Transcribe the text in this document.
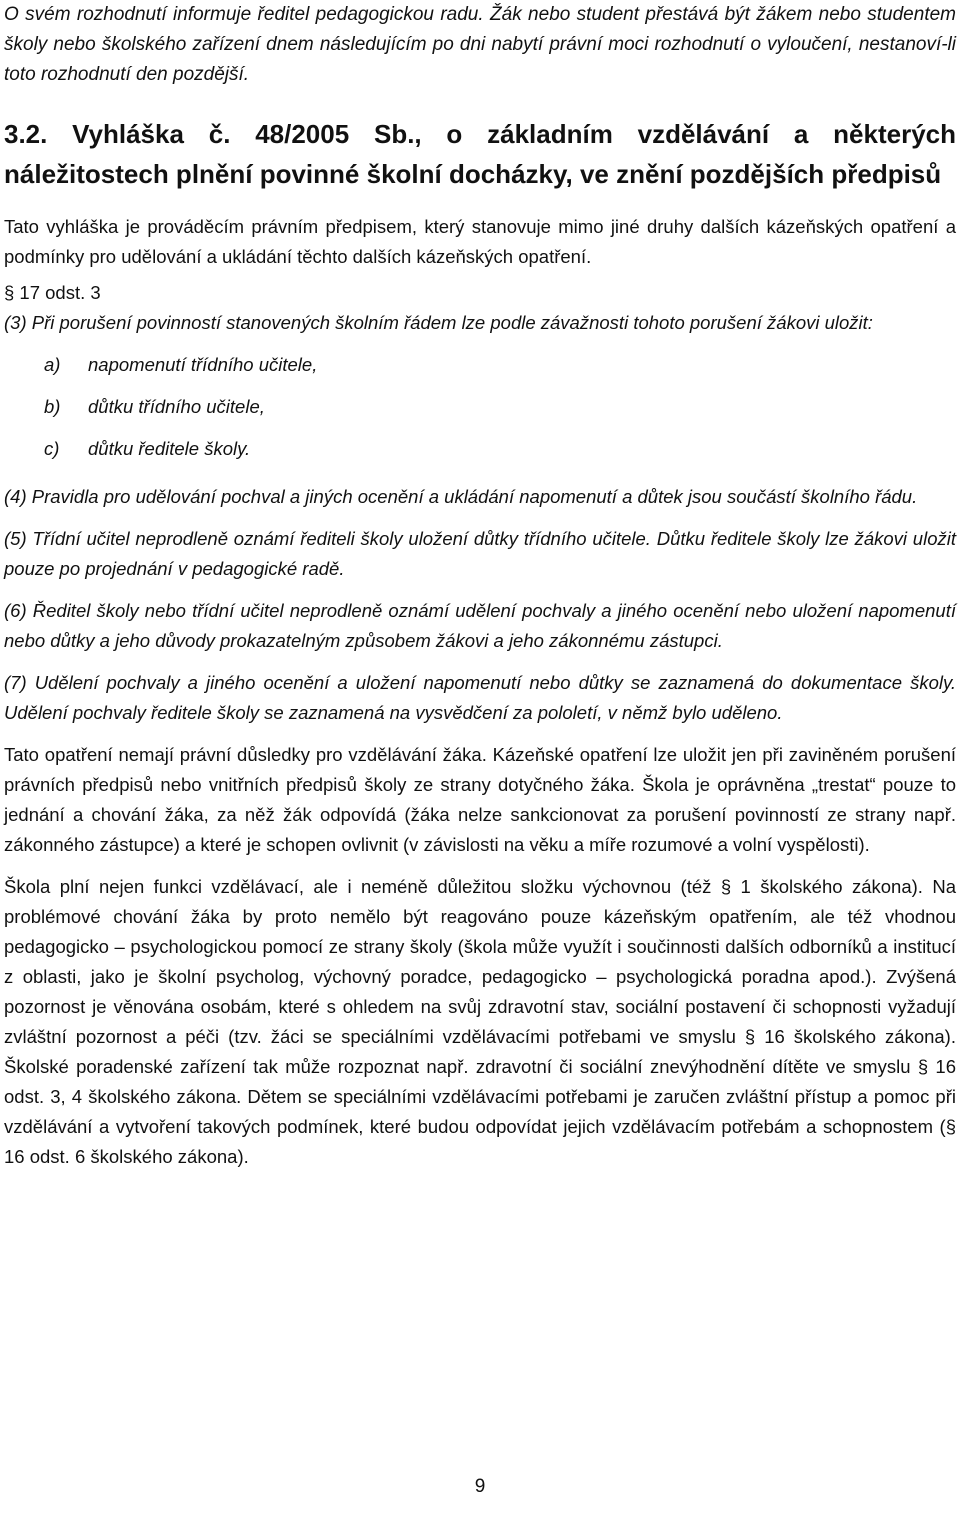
O svém rozhodnutí informuje ředitel pedagogickou radu. Žák nebo student přestává být žákem nebo studentem školy nebo školského zařízení dnem následujícím po dni nabytí právní moci rozhodnutí o vyloučení, nestanoví-li toto rozhodnutí den pozdější.

3.2. Vyhláška č. 48/2005 Sb., o základním vzdělávání a některých náležitostech plnění povinné školní docházky, ve znění pozdějších předpisů

Tato vyhláška je prováděcím právním předpisem, který stanovuje mimo jiné druhy dalších kázeňských opatření a podmínky pro udělování a ukládání těchto dalších kázeňských opatření.

§ 17 odst. 3

(3) Při porušení povinností stanovených školním řádem lze podle závažnosti tohoto porušení žákovi uložit:

a)	napomenutí třídního učitele,
b)	důtku třídního učitele,
c)	důtku ředitele školy.

(4) Pravidla pro udělování pochval a jiných ocenění a ukládání napomenutí a důtek jsou součástí školního řádu.

(5) Třídní učitel neprodleně oznámí řediteli školy uložení důtky třídního učitele. Důtku ředitele školy lze žákovi uložit pouze po projednání v pedagogické radě.

(6) Ředitel školy nebo třídní učitel neprodleně oznámí udělení pochvaly a jiného ocenění nebo uložení napomenutí nebo důtky a jeho důvody prokazatelným způsobem žákovi a jeho zákonnému zástupci.

(7) Udělení pochvaly a jiného ocenění a uložení napomenutí nebo důtky se zaznamená do dokumentace školy. Udělení pochvaly ředitele školy se zaznamená na vysvědčení za pololetí, v němž bylo uděleno.

Tato opatření nemají právní důsledky pro vzdělávání žáka. Kázeňské opatření lze uložit jen při zaviněném porušení právních předpisů nebo vnitřních předpisů školy ze strany dotyčného žáka. Škola je oprávněna „trestat“ pouze to jednání a chování žáka, za něž žák odpovídá (žáka nelze sankcionovat za porušení povinností ze strany např. zákonného zástupce) a které je schopen ovlivnit (v závislosti na věku a míře rozumové a volní vyspělosti).

Škola plní nejen funkci vzdělávací, ale i neméně důležitou složku výchovnou (též § 1 školského zákona). Na problémové chování žáka by proto nemělo být reagováno pouze kázeňským opatřením, ale též vhodnou pedagogicko – psychologickou pomocí ze strany školy (škola může využít i součinnosti dalších odborníků a institucí z oblasti, jako je školní psycholog, výchovný poradce, pedagogicko – psychologická poradna apod.). Zvýšená pozornost je věnována osobám, které s ohledem na svůj zdravotní stav, sociální postavení či schopnosti vyžadují zvláštní pozornost a péči (tzv. žáci se speciálními vzdělávacími potřebami ve smyslu § 16 školského zákona). Školské poradenské zařízení tak může rozpoznat např. zdravotní či sociální znevýhodnění dítěte ve smyslu § 16 odst. 3, 4 školského zákona. Dětem se speciálními vzdělávacími potřebami je zaručen zvláštní přístup a pomoc při vzdělávání a vytvoření takových podmínek, které budou odpovídat jejich vzdělávacím potřebám a schopnostem (§ 16 odst. 6 školského zákona).

9
